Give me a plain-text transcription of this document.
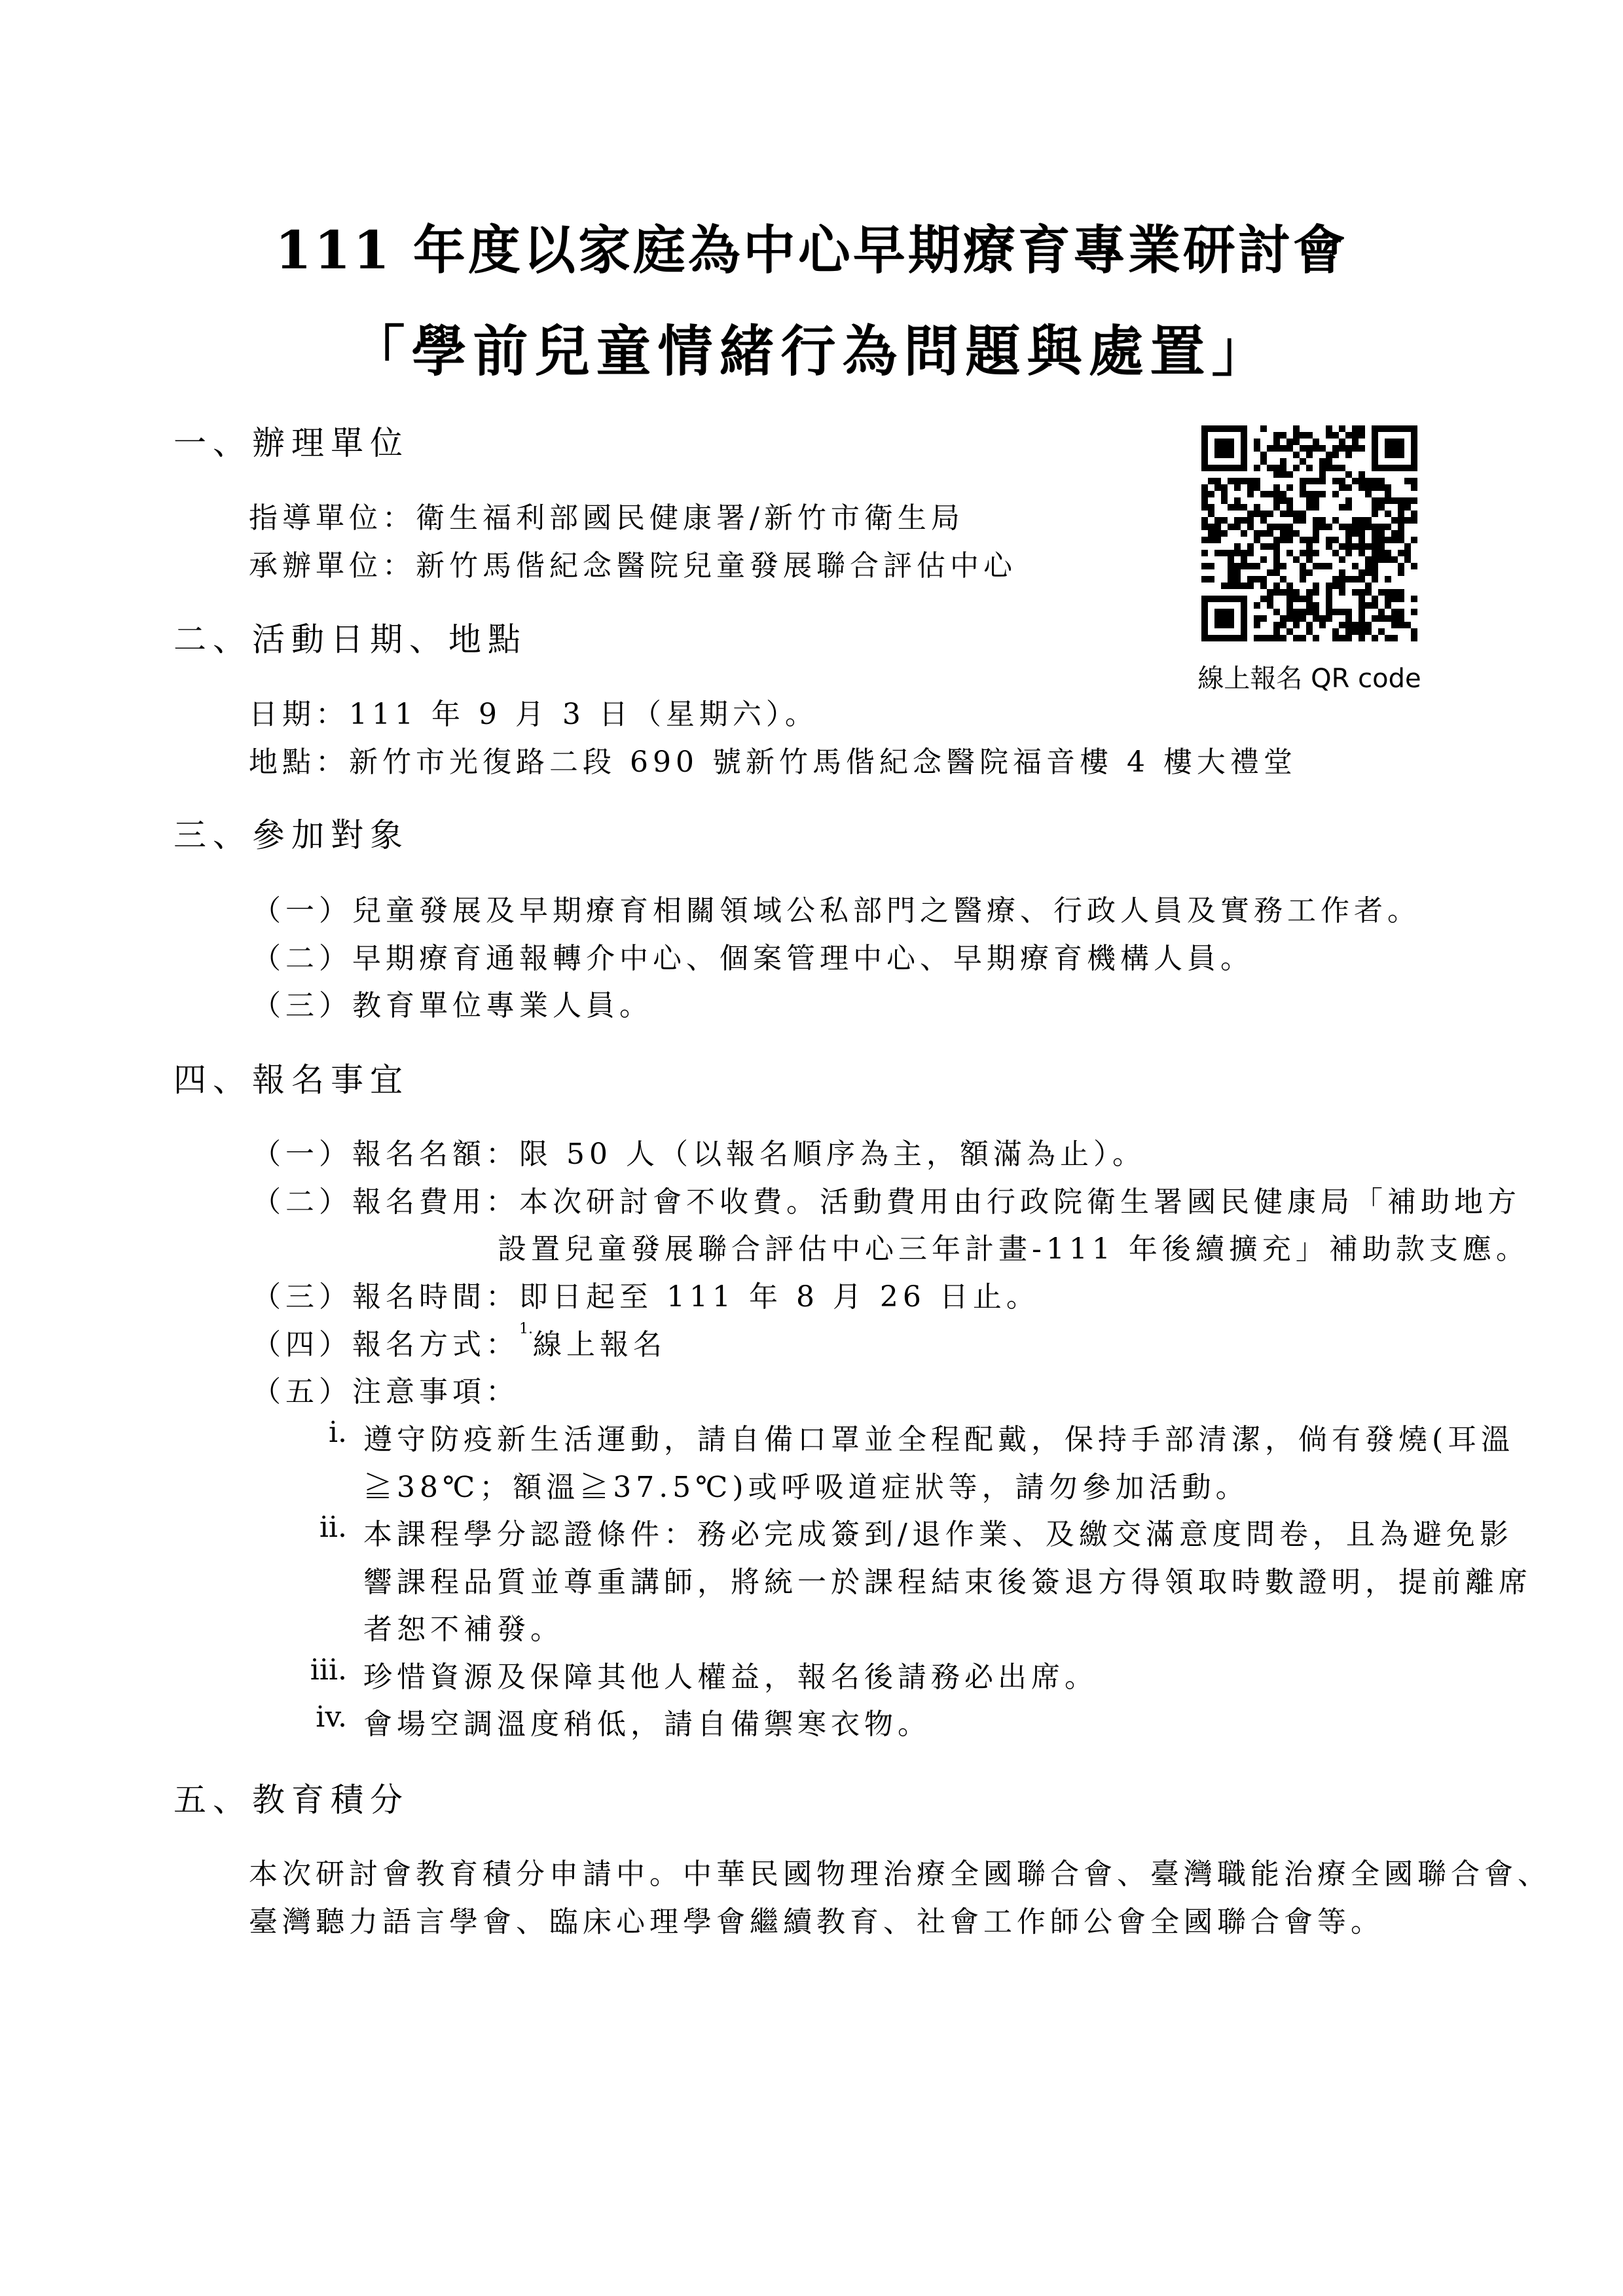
111 年度以家庭為中心早期療育專業研討會
「學前兒童情緒行為問題與處置」
線上報名 QR code
一、辦理單位
指導單位：衛生福利部國民健康署/新竹市衛生局
承辦單位：新竹馬偕紀念醫院兒童發展聯合評估中心
二、活動日期、地點
日期：111 年 9 月 3 日（星期六）。
地點：新竹市光復路二段 690 號新竹馬偕紀念醫院福音樓 4 樓大禮堂
三、參加對象
（一）兒童發展及早期療育相關領域公私部門之醫療、行政人員及實務工作者。
（二）早期療育通報轉介中心、個案管理中心、早期療育機構人員。
（三）教育單位專業人員。
四、報名事宜
（一）報名名額：限 50 人（以報名順序為主，額滿為止）。
（二）報名費用：本次研討會不收費。活動費用由行政院衛生署國民健康局「補助地方
設置兒童發展聯合評估中心三年計畫-111 年後續擴充」補助款支應。
（三）報名時間：即日起至 111 年 8 月 26 日止。
（四）報名方式：$^{1.}$線上報名
（五）注意事項：
i. 遵守防疫新生活運動，請自備口罩並全程配戴，保持手部清潔，倘有發燒(耳溫
≧38℃；額溫≧37.5℃)或呼吸道症狀等，請勿參加活動。
ii. 本課程學分認證條件：務必完成簽到/退作業、及繳交滿意度問卷，且為避免影
響課程品質並尊重講師，將統一於課程結束後簽退方得領取時數證明，提前離席
者恕不補發。
iii. 珍惜資源及保障其他人權益，報名後請務必出席。
iv. 會場空調溫度稍低，請自備禦寒衣物。
五、教育積分
本次研討會教育積分申請中。中華民國物理治療全國聯合會、臺灣職能治療全國聯合會、
臺灣聽力語言學會、臨床心理學會繼續教育、社會工作師公會全國聯合會等。
